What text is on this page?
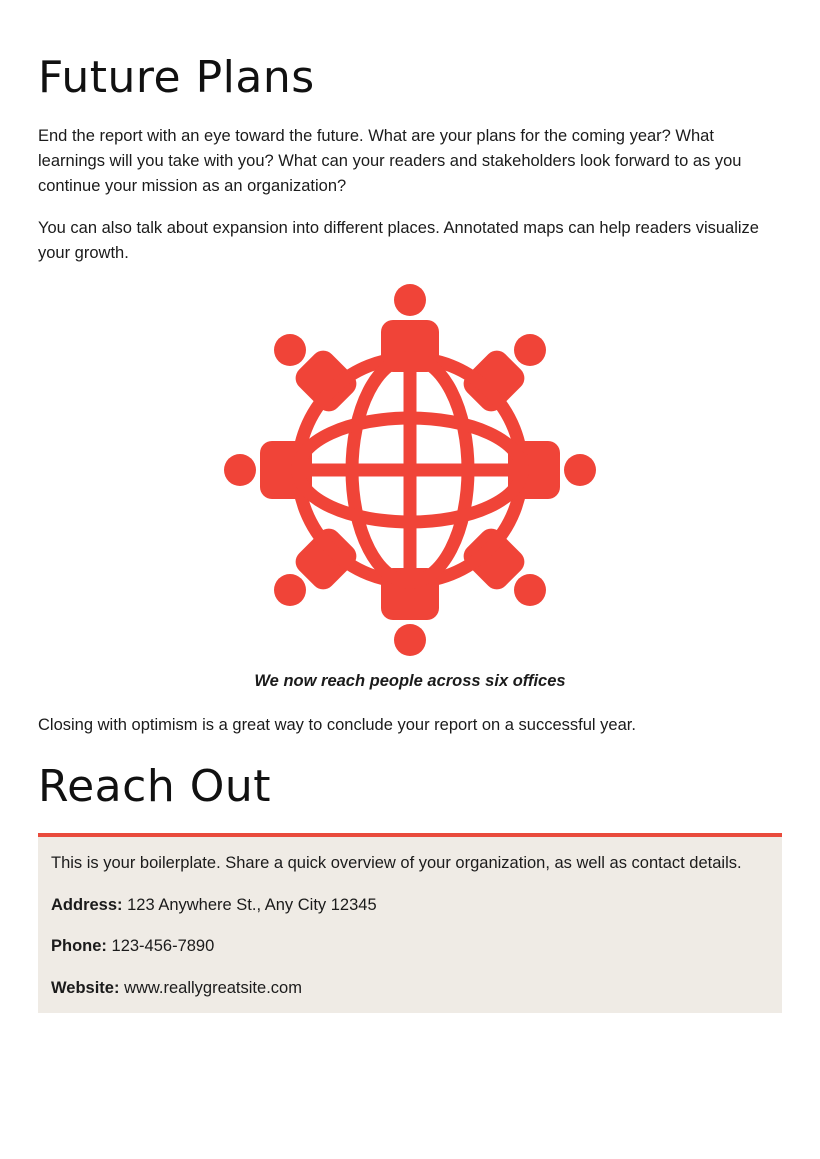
Future Plans

End the report with an eye toward the future. What are your plans for the coming year? What learnings will you take with you? What can your readers and stakeholders look forward to as you continue your mission as an organization?

You can also talk about expansion into different places. Annotated maps can help readers visualize your growth.

We now reach people across six offices

Closing with optimism is a great way to conclude your report on a successful year.

Reach Out
This is your boilerplate. Share a quick overview of your organization, as well as contact details.
Address: 123 Anywhere St., Any City 12345
Phone: 123-456-7890
Website: www.reallygreatsite.com
